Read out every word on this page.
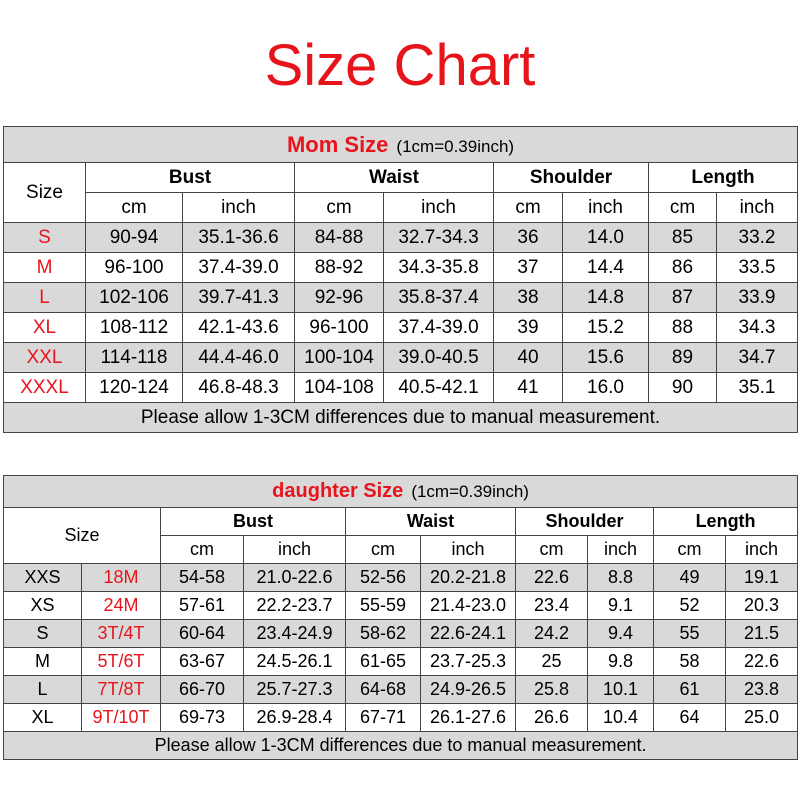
Size Chart
Mom Size (1cm=0.39inch)								
Size	Bust		Waist		Shoulder		Length	
	cm	inch	cm	inch	cm	inch	cm	inch
S	90-94	35.1-36.6	84-88	32.7-34.3	36	14.0	85	33.2
M	96-100	37.4-39.0	88-92	34.3-35.8	37	14.4	86	33.5
L	102-106	39.7-41.3	92-96	35.8-37.4	38	14.8	87	33.9
XL	108-112	42.1-43.6	96-100	37.4-39.0	39	15.2	88	34.3
XXL	114-118	44.4-46.0	100-104	39.0-40.5	40	15.6	89	34.7
XXXL	120-124	46.8-48.3	104-108	40.5-42.1	41	16.0	90	35.1
Please allow 1-3CM differences due to manual measurement.								
daughter Size (1cm=0.39inch)									
Size		Bust		Waist		Shoulder		Length	
		cm	inch	cm	inch	cm	inch	cm	inch
XXS	18M	54-58	21.0-22.6	52-56	20.2-21.8	22.6	8.8	49	19.1
XS	24M	57-61	22.2-23.7	55-59	21.4-23.0	23.4	9.1	52	20.3
S	3T/4T	60-64	23.4-24.9	58-62	22.6-24.1	24.2	9.4	55	21.5
M	5T/6T	63-67	24.5-26.1	61-65	23.7-25.3	25	9.8	58	22.6
L	7T/8T	66-70	25.7-27.3	64-68	24.9-26.5	25.8	10.1	61	23.8
XL	9T/10T	69-73	26.9-28.4	67-71	26.1-27.6	26.6	10.4	64	25.0
Please allow 1-3CM differences due to manual measurement.									
